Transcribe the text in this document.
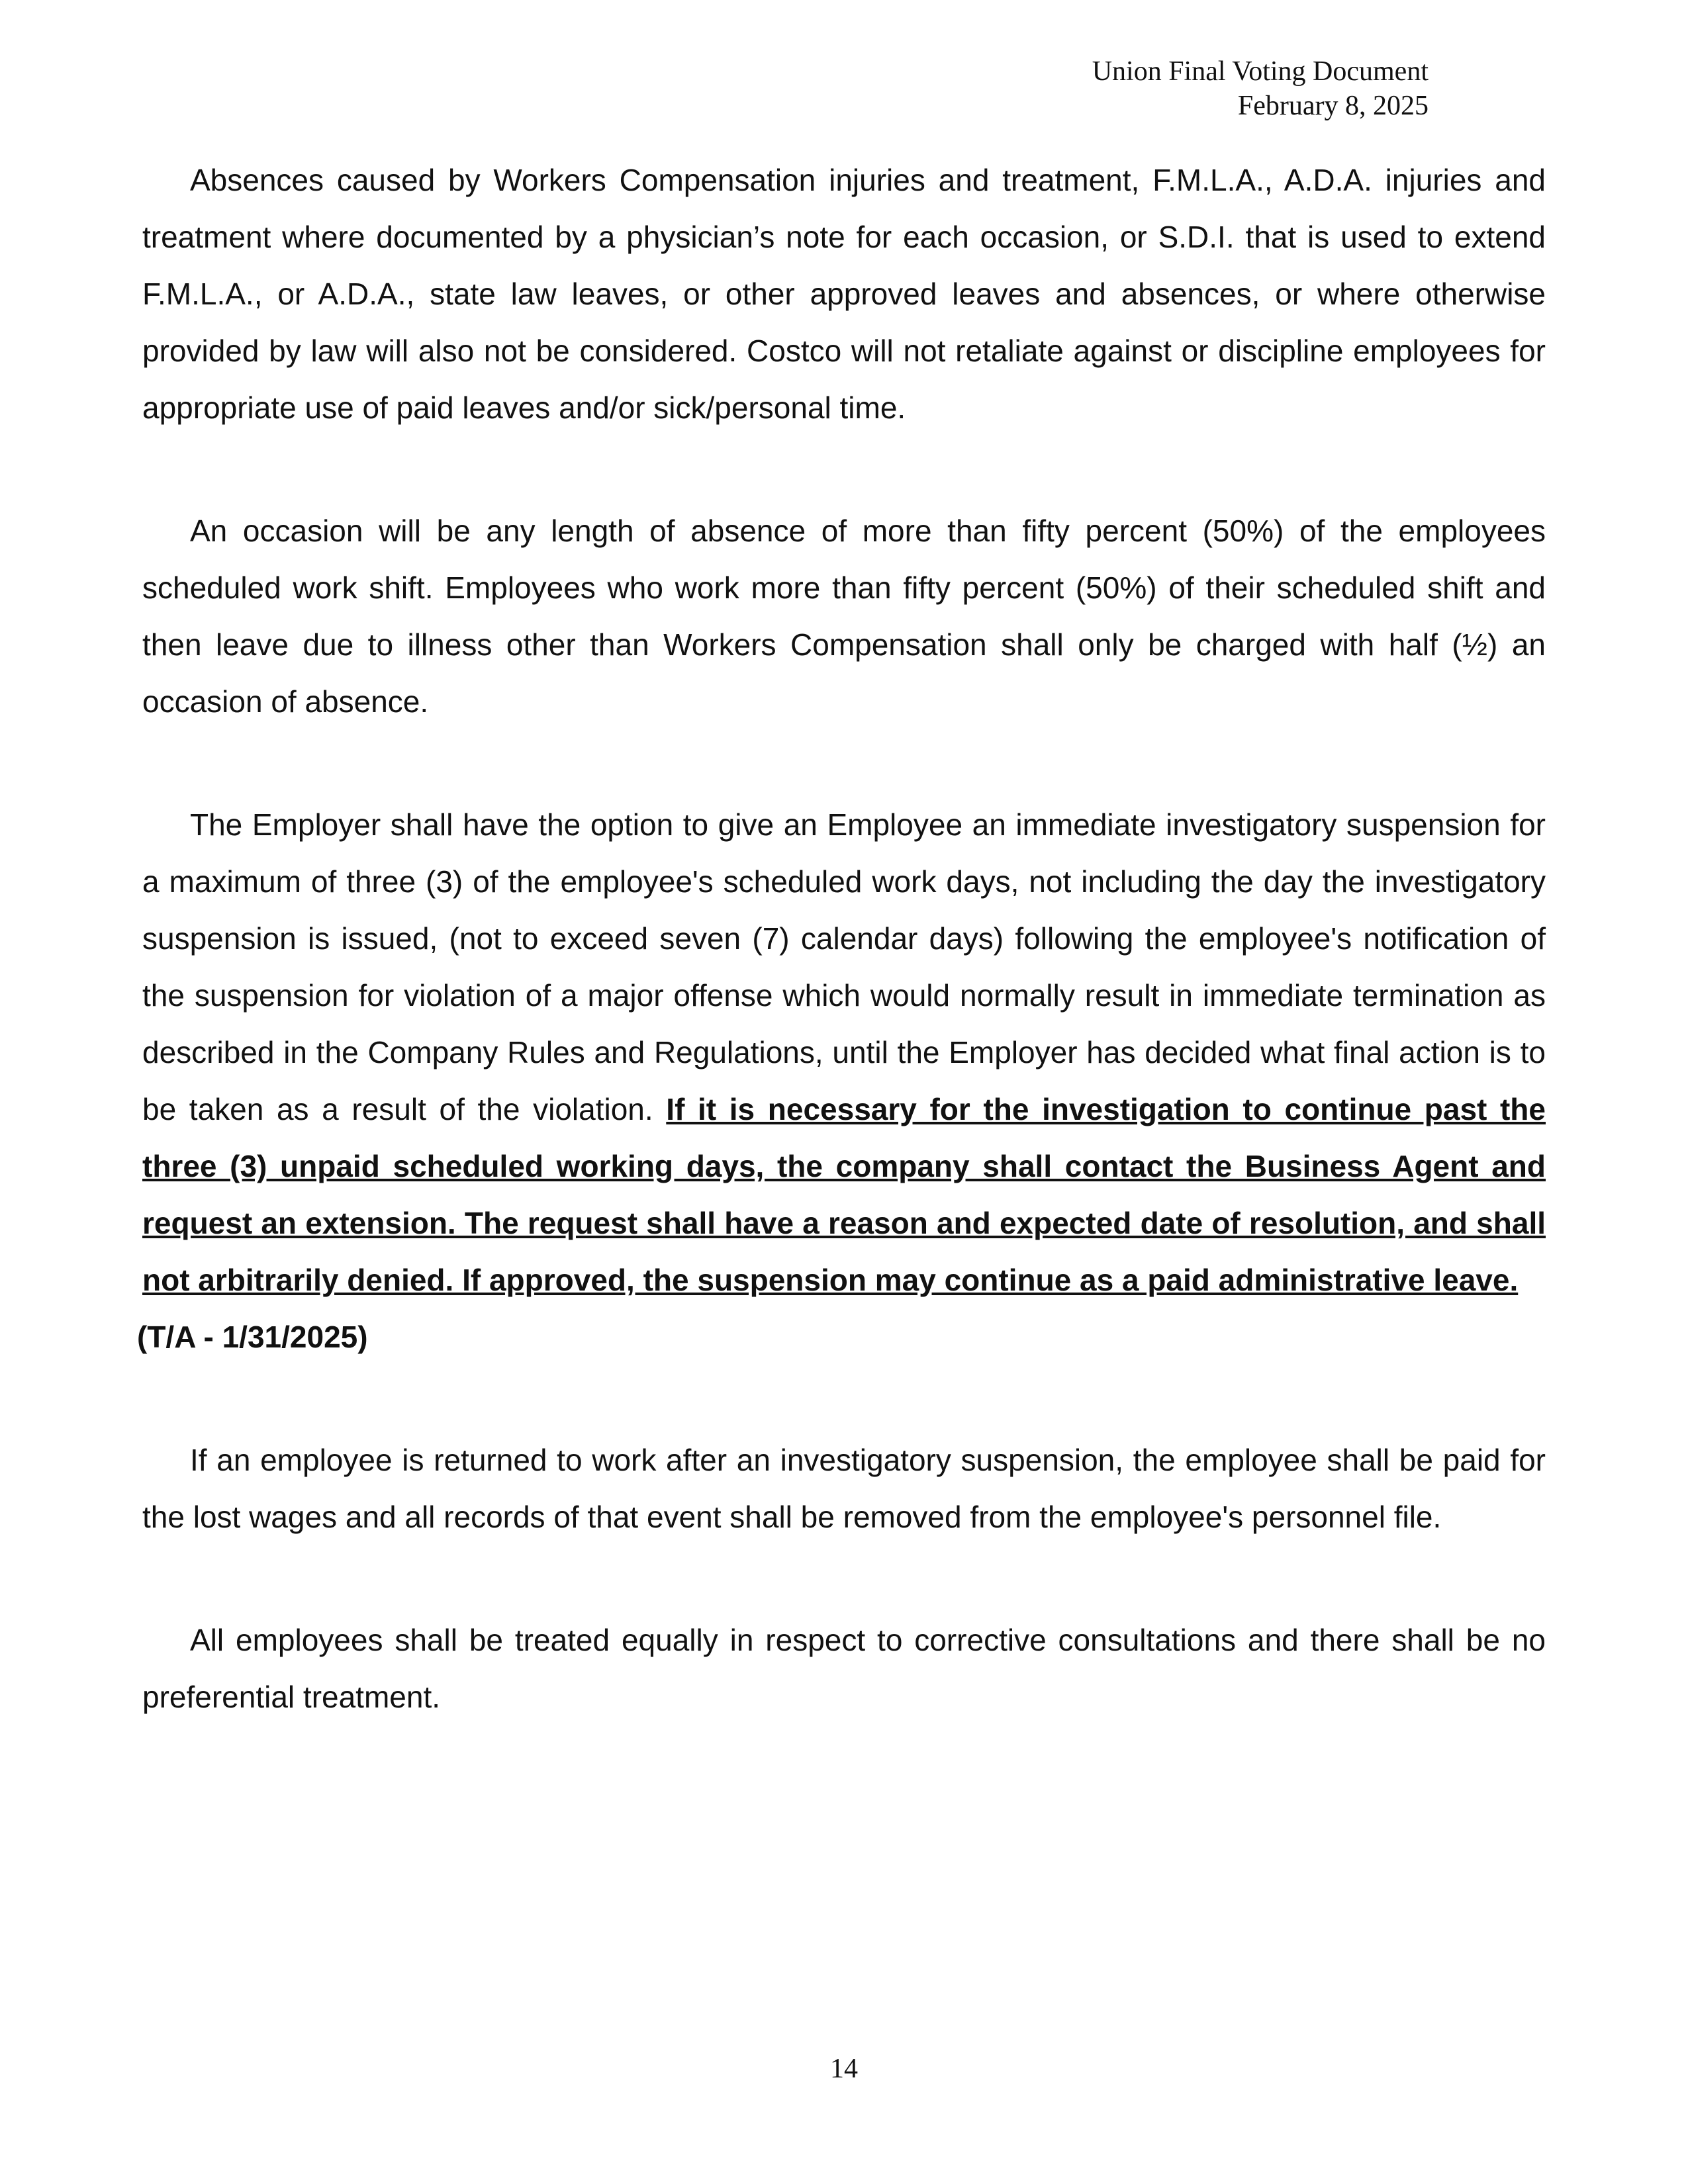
Union Final Voting Document
February 8, 2025

Absences caused by Workers Compensation injuries and treatment, F.M.L.A., A.D.A. injuries and treatment where documented by a physician’s note for each occasion, or S.D.I. that is used to extend F.M.L.A., or A.D.A., state law leaves, or other approved leaves and absences, or where otherwise provided by law will also not be considered. Costco will not retaliate against or discipline employees for appropriate use of paid leaves and/or sick/personal time.

An occasion will be any length of absence of more than fifty percent (50%) of the employees scheduled work shift. Employees who work more than fifty percent (50%) of their scheduled shift and then leave due to illness other than Workers Compensation shall only be charged with half (½) an occasion of absence.

The Employer shall have the option to give an Employee an immediate investigatory suspension for a maximum of three (3) of the employee's scheduled work days, not including the day the investigatory suspension is issued, (not to exceed seven (7) calendar days) following the employee's notification of the suspension for violation of a major offense which would normally result in immediate termination as described in the Company Rules and Regulations, until the Employer has decided what final action is to be taken as a result of the violation. If it is necessary for the investigation to continue past the three (3) unpaid scheduled working days, the company shall contact the Business Agent and request an extension. The request shall have a reason and expected date of resolution, and shall not arbitrarily denied. If approved, the suspension may continue as a paid administrative leave.

(T/A - 1/31/2025)

If an employee is returned to work after an investigatory suspension, the employee shall be paid for the lost wages and all records of that event shall be removed from the employee's personnel file.

All employees shall be treated equally in respect to corrective consultations and there shall be no preferential treatment.

14
